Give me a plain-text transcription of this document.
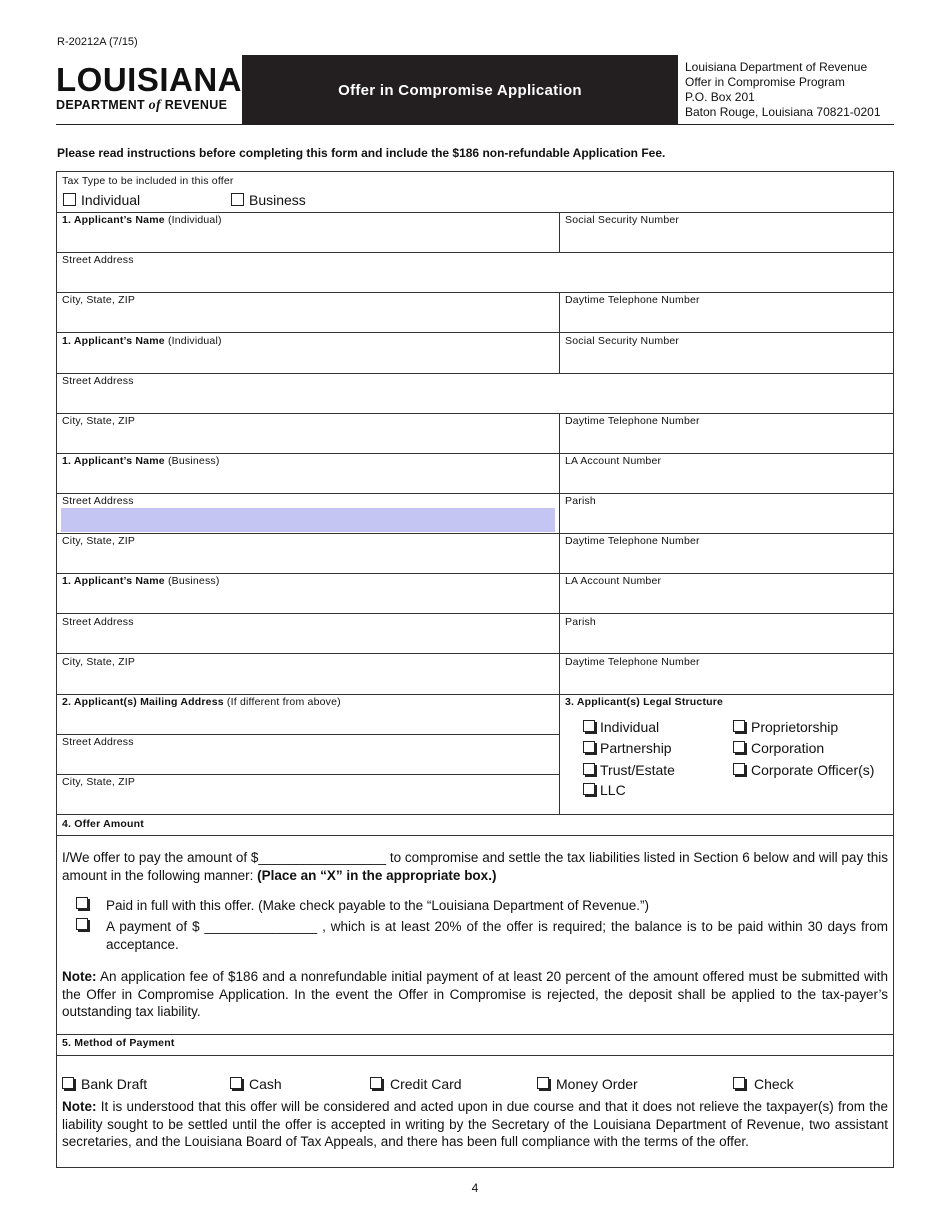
R-20212A (7/15)
LOUISIANA
DEPARTMENT of REVENUE
Offer in Compromise Application
Louisiana Department of Revenue
Offer in Compromise Program
P.O. Box 201
Baton Rouge, Louisiana 70821-0201
Please read instructions before completing this form and include the $186 non-refundable Application Fee.
Tax Type to be included in this offer
Individual	Business
1. Applicant’s Name (Individual)	Social Security Number
Street Address
City, State, ZIP	Daytime Telephone Number
1. Applicant’s Name (Individual)	Social Security Number
Street Address
City, State, ZIP	Daytime Telephone Number
1. Applicant’s Name (Business)	LA Account Number
Street Address	Parish
City, State, ZIP	Daytime Telephone Number
1. Applicant’s Name (Business)	LA Account Number
Street Address	Parish
City, State, ZIP	Daytime Telephone Number
2. Applicant(s) Mailing Address (If different from above)
Street Address
City, State, ZIP
3. Applicant(s) Legal Structure
Individual	Proprietorship
Partnership	Corporation
Trust/Estate	Corporate Officer(s)
LLC
4. Offer Amount
I/We offer to pay the amount of $_________________ to compromise and settle the tax liabilities listed in Section 6 below and will pay this amount in the following manner: (Place an “X” in the appropriate box.)
Paid in full with this offer. (Make check payable to the “Louisiana Department of Revenue.”)
A payment of $ _______________ , which is at least 20% of the offer is required; the balance is to be paid within 30 days from acceptance.
Note: An application fee of $186 and a nonrefundable initial payment of at least 20 percent of the amount offered must be submitted with the Offer in Compromise Application. In the event the Offer in Compromise is rejected, the deposit shall be applied to the tax-payer’s outstanding tax liability.
5. Method of Payment
Bank Draft	Cash	Credit Card	Money Order	Check
Note: It is understood that this offer will be considered and acted upon in due course and that it does not relieve the taxpayer(s) from the liability sought to be settled until the offer is accepted in writing by the Secretary of the Louisiana Department of Revenue, two assistant secretaries, and the Louisiana Board of Tax Appeals, and there has been full compliance with the terms of the offer.
4
